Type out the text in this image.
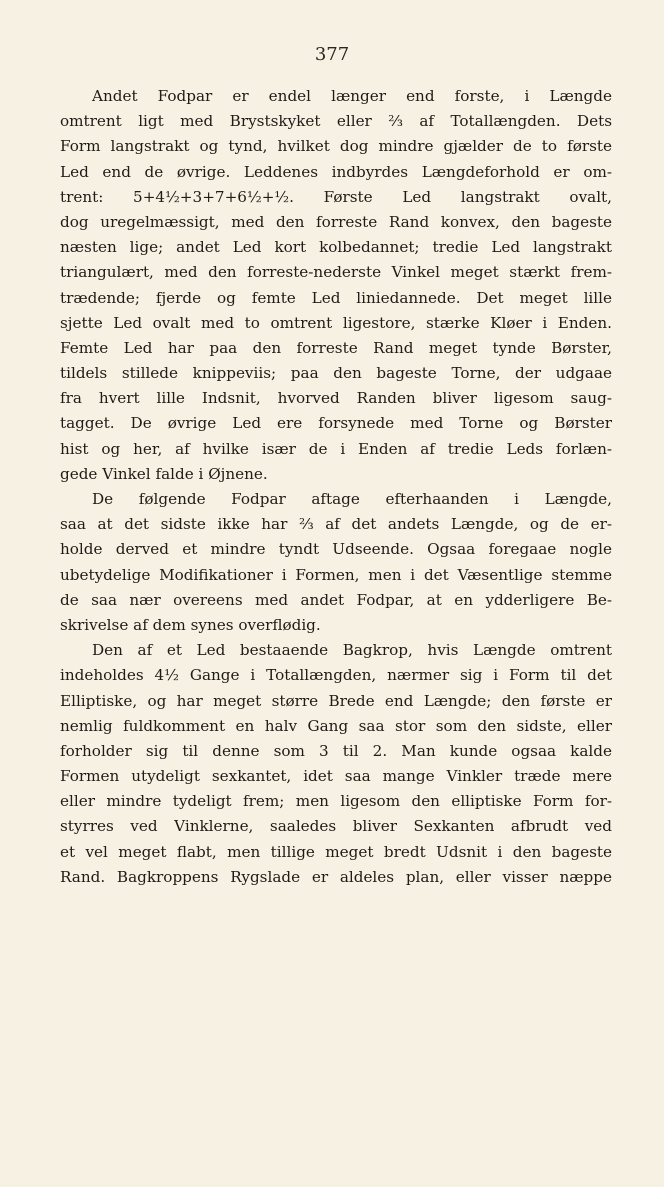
377
Andet Fodpar er endel længer end forste, i Længde
omtrent ligt med Brystskyket eller ⅔ af Totallængden. Dets
Form langstrakt og tynd, hvilket dog mindre gjælder de to første
Led end de øvrige. Leddenes indbyrdes Længdeforhold er om-
trent: 5+4½+3+7+6½+½. Første Led langstrakt ovalt,
dog uregelmæssigt, med den forreste Rand konvex, den bageste
næsten lige; andet Led kort kolbedannet; tredie Led langstrakt
triangulært, med den forreste-nederste Vinkel meget stærkt frem-
trædende; fjerde og femte Led liniedannede. Det meget lille
sjette Led ovalt med to omtrent ligestore, stærke Kløer i Enden.
Femte Led har paa den forreste Rand meget tynde Børster,
tildels stillede knippeviis; paa den bageste Torne, der udgaae
fra hvert lille Indsnit, hvorved Randen bliver ligesom saug-
tagget. De øvrige Led ere forsynede med Torne og Børster
hist og her, af hvilke især de i Enden af tredie Leds forlæn-
gede Vinkel falde i Øjnene.
De følgende Fodpar aftage efterhaanden i Længde,
saa at det sidste ikke har ⅔ af det andets Længde, og de er-
holde derved et mindre tyndt Udseende. Ogsaa foregaae nogle
ubetydelige Modifikationer i Formen, men i det Væsentlige stemme
de saa nær overeens med andet Fodpar, at en ydderligere Be-
skrivelse af dem synes overflødig.
Den af et Led bestaaende Bagkrop, hvis Længde omtrent
indeholdes 4½ Gange i Totallængden, nærmer sig i Form til det
Elliptiske, og har meget større Brede end Længde; den første er
nemlig fuldkomment en halv Gang saa stor som den sidste, eller
forholder sig til denne som 3 til 2. Man kunde ogsaa kalde
Formen utydeligt sexkantet, idet saa mange Vinkler træde mere
eller mindre tydeligt frem; men ligesom den elliptiske Form for-
styrres ved Vinklerne, saaledes bliver Sexkanten afbrudt ved
et vel meget flabt, men tillige meget bredt Udsnit i den bageste
Rand. Bagkroppens Rygslade er aldeles plan, eller visser næppe
